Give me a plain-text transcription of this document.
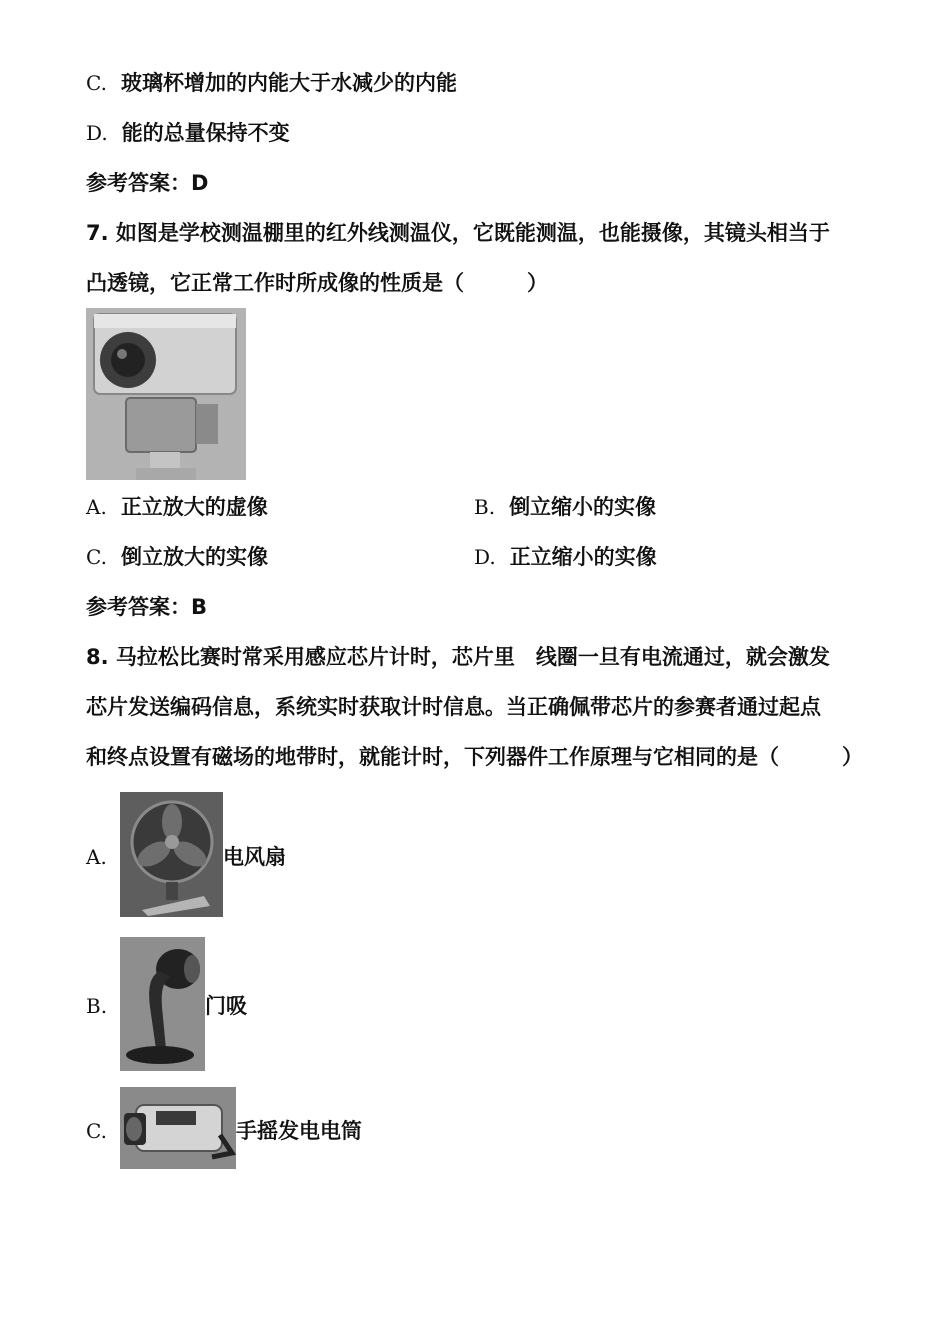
C. 玻璃杯增加的内能大于水减少的内能
D. 能的总量保持不变
参考答案：D
7. 如图是学校测温棚里的红外线测温仪，它既能测温，也能摄像，其镜头相当于
凸透镜，它正常工作时所成像的性质是（　　　）
A. 正立放大的虚像	B. 倒立缩小的实像
C. 倒立放大的实像	D. 正立缩小的实像
参考答案：B
8. 马拉松比赛时常采用感应芯片计时，芯片里　线圈一旦有电流通过，就会激发
芯片发送编码信息，系统实时获取计时信息。当正确佩带芯片的参赛者通过起点
和终点设置有磁场的地带时，就能计时，下列器件工作原理与它相同的是（　　　）
A.	电风扇
B.	门吸
C.	手摇发电电筒
